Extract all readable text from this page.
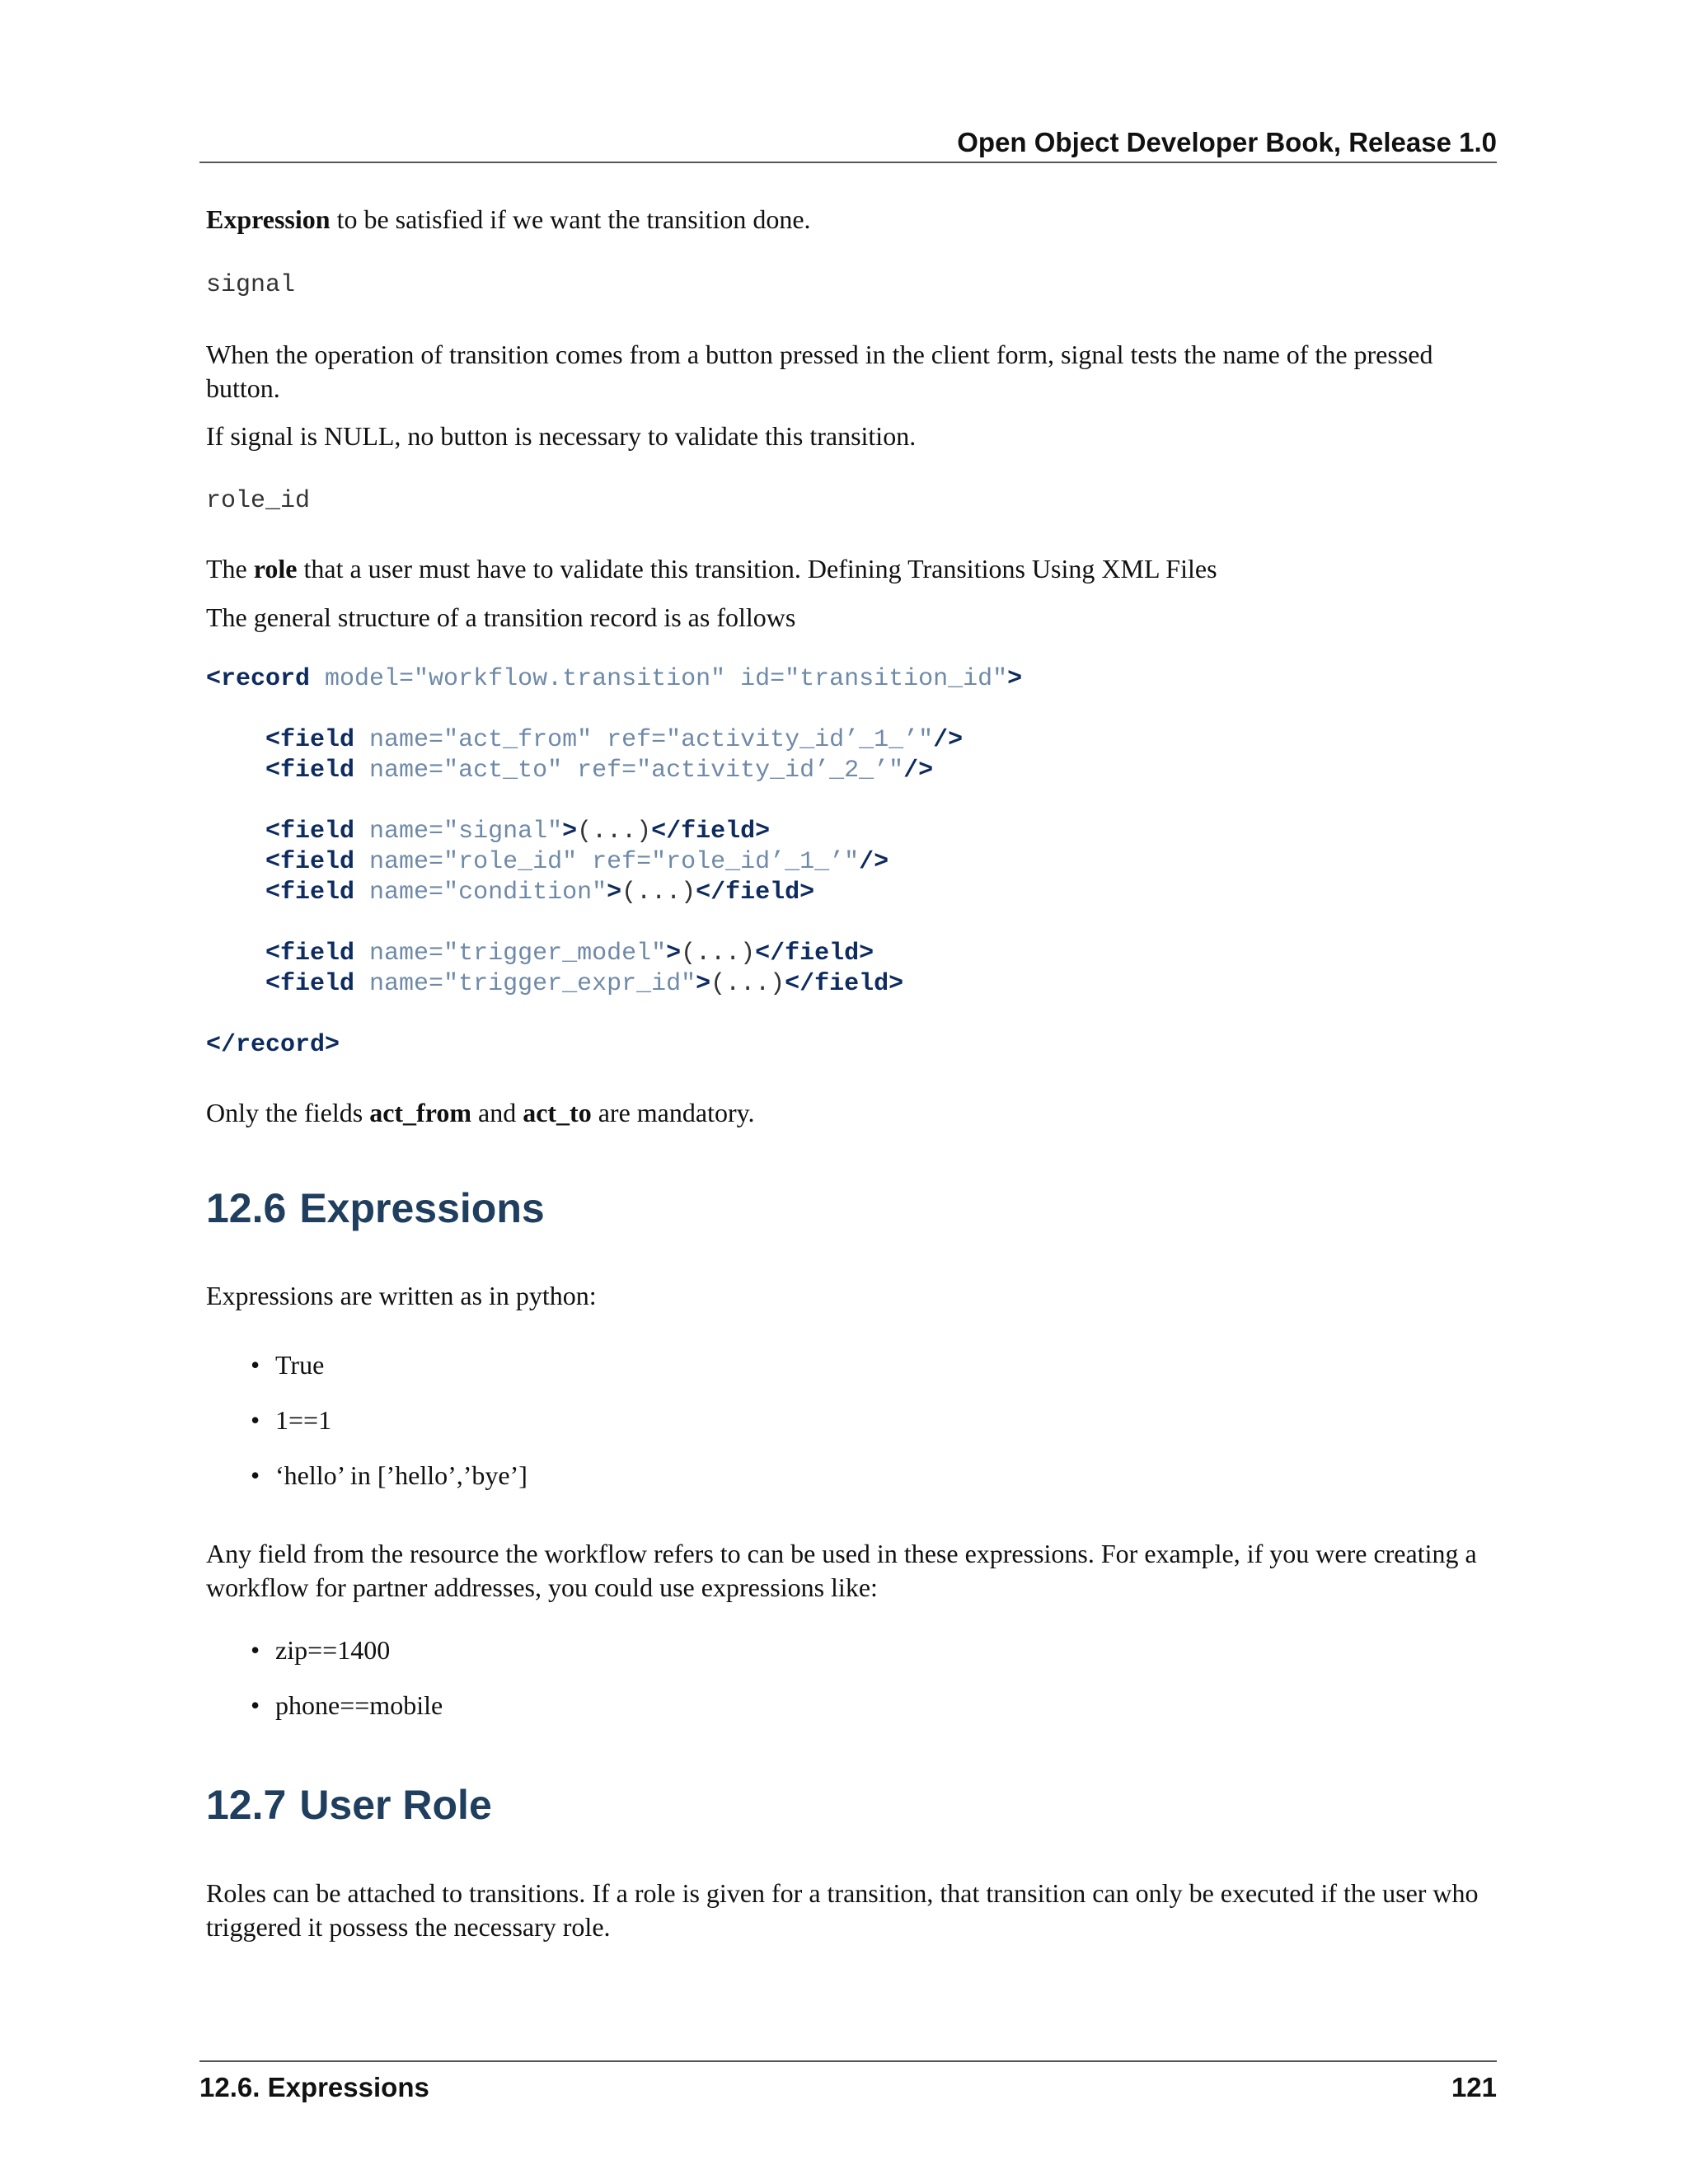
Open Object Developer Book, Release 1.0

Expression to be satisfied if we want the transition done.

signal

When the operation of transition comes from a button pressed in the client form, signal tests the name of the pressed button.

If signal is NULL, no button is necessary to validate this transition.

role_id

The role that a user must have to validate this transition. Defining Transitions Using XML Files

The general structure of a transition record is as follows

<record model="workflow.transition" id="transition_id">

<field name="act_from" ref="activity_id’_1_’"/>
<field name="act_to" ref="activity_id’_2_’"/>

<field name="signal">(...)</field>
<field name="role_id" ref="role_id’_1_’"/>
<field name="condition">(...)</field>

<field name="trigger_model">(...)</field>
<field name="trigger_expr_id">(...)</field>

</record>

Only the fields act_from and act_to are mandatory.

12.6 Expressions

Expressions are written as in python:

• True
• 1==1
• ‘hello’ in [’hello’,’bye’]

Any field from the resource the workflow refers to can be used in these expressions. For example, if you were creating a workflow for partner addresses, you could use expressions like:

• zip==1400
• phone==mobile
12.7 User Role

Roles can be attached to transitions. If a role is given for a transition, that transition can only be executed if the user who triggered it possess the necessary role.

12.6. Expressions	121
